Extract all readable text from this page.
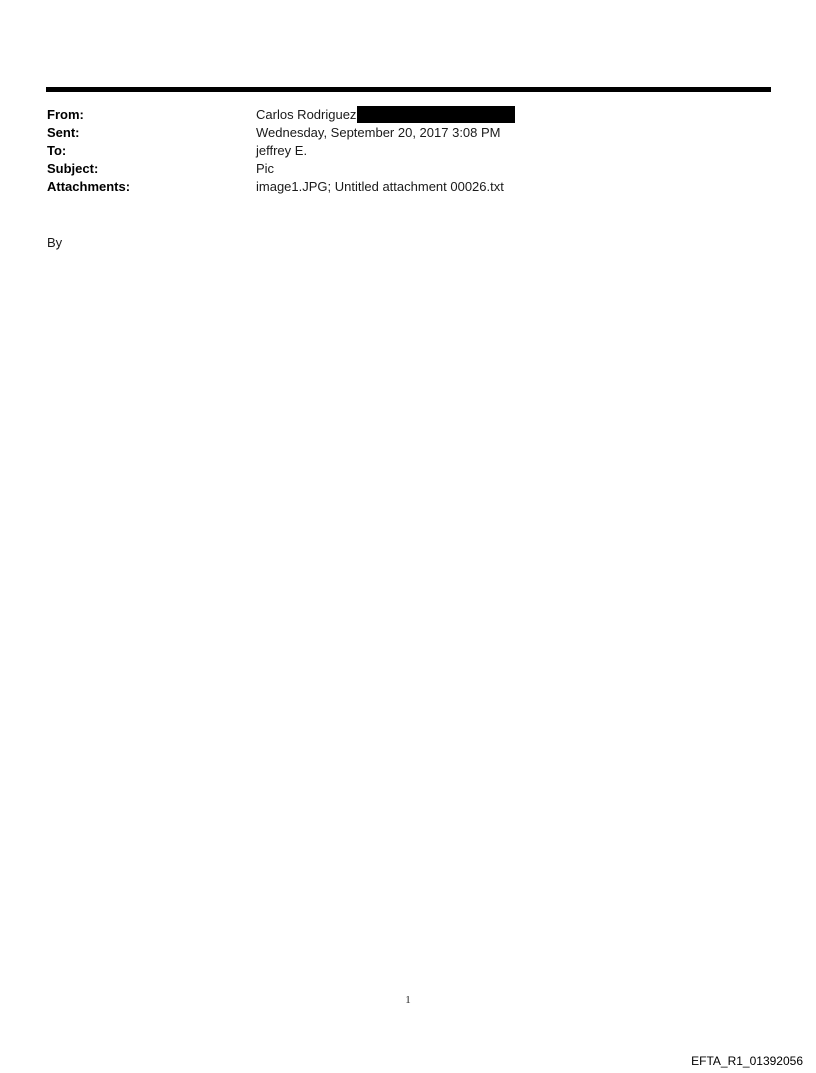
From:	Carlos Rodriguez
Sent:	Wednesday, September 20, 2017 3:08 PM
To:	jeffrey E.
Subject:	Pic
Attachments:	image1.JPG; Untitled attachment 00026.txt
By
1
EFTA_R1_01392056
